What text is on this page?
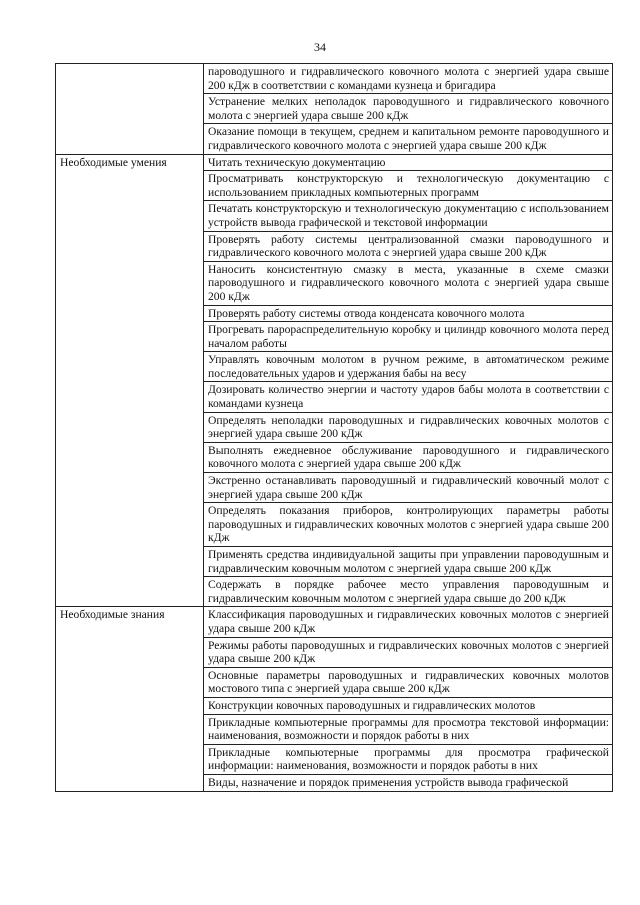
34
	пароводушного и гидравлического ковочного молота с энергией удара свыше 200 кДж в соответствии с командами кузнеца и бригадира
	Устранение мелких неполадок пароводушного и гидравлического ковочного молота с энергией удара свыше 200 кДж
	Оказание помощи в текущем, среднем и капитальном ремонте пароводушного и гидравлического ковочного молота с энергией удара свыше 200 кДж
Необходимые умения	Читать техническую документацию
	Просматривать конструкторскую и технологическую документацию с использованием прикладных компьютерных программ
	Печатать конструкторскую и технологическую документацию с использованием устройств вывода графической и текстовой информации
	Проверять работу системы централизованной смазки пароводушного и гидравлического ковочного молота с энергией удара свыше 200 кДж
	Наносить консистентную смазку в места, указанные в схеме смазки пароводушного и гидравлического ковочного молота с энергией удара свыше 200 кДж
	Проверять работу системы отвода конденсата ковочного молота
	Прогревать парораспределительную коробку и цилиндр ковочного молота перед началом работы
	Управлять ковочным молотом в ручном режиме, в автоматическом режиме последовательных ударов и удержания бабы на весу
	Дозировать количество энергии и частоту ударов бабы молота в соответствии с командами кузнеца
	Определять неполадки пароводушных и гидравлических ковочных молотов с энергией удара свыше 200 кДж
	Выполнять ежедневное обслуживание пароводушного и гидравлического ковочного молота с энергией удара свыше 200 кДж
	Экстренно останавливать пароводушный и гидравлический ковочный молот с энергией удара свыше 200 кДж
	Определять показания приборов, контролирующих параметры работы пароводушных и гидравлических ковочных молотов с энергией удара свыше 200 кДж
	Применять средства индивидуальной защиты при управлении пароводушным и гидравлическим ковочным молотом с энергией удара свыше 200 кДж
	Содержать в порядке рабочее место управления пароводушным и гидравлическим ковочным молотом с энергией удара свыше до 200 кДж
Необходимые знания	Классификация пароводушных и гидравлических ковочных молотов с энергией удара свыше 200 кДж
	Режимы работы пароводушных и гидравлических ковочных молотов с энергией удара свыше 200 кДж
	Основные параметры пароводушных и гидравлических ковочных молотов мостового типа с энергией удара свыше 200 кДж
	Конструкции ковочных пароводушных и гидравлических молотов
	Прикладные компьютерные программы для просмотра текстовой информации: наименования, возможности и порядок работы в них
	Прикладные компьютерные программы для просмотра графической информации: наименования, возможности и порядок работы в них
	Виды, назначение и порядок применения устройств вывода графической
